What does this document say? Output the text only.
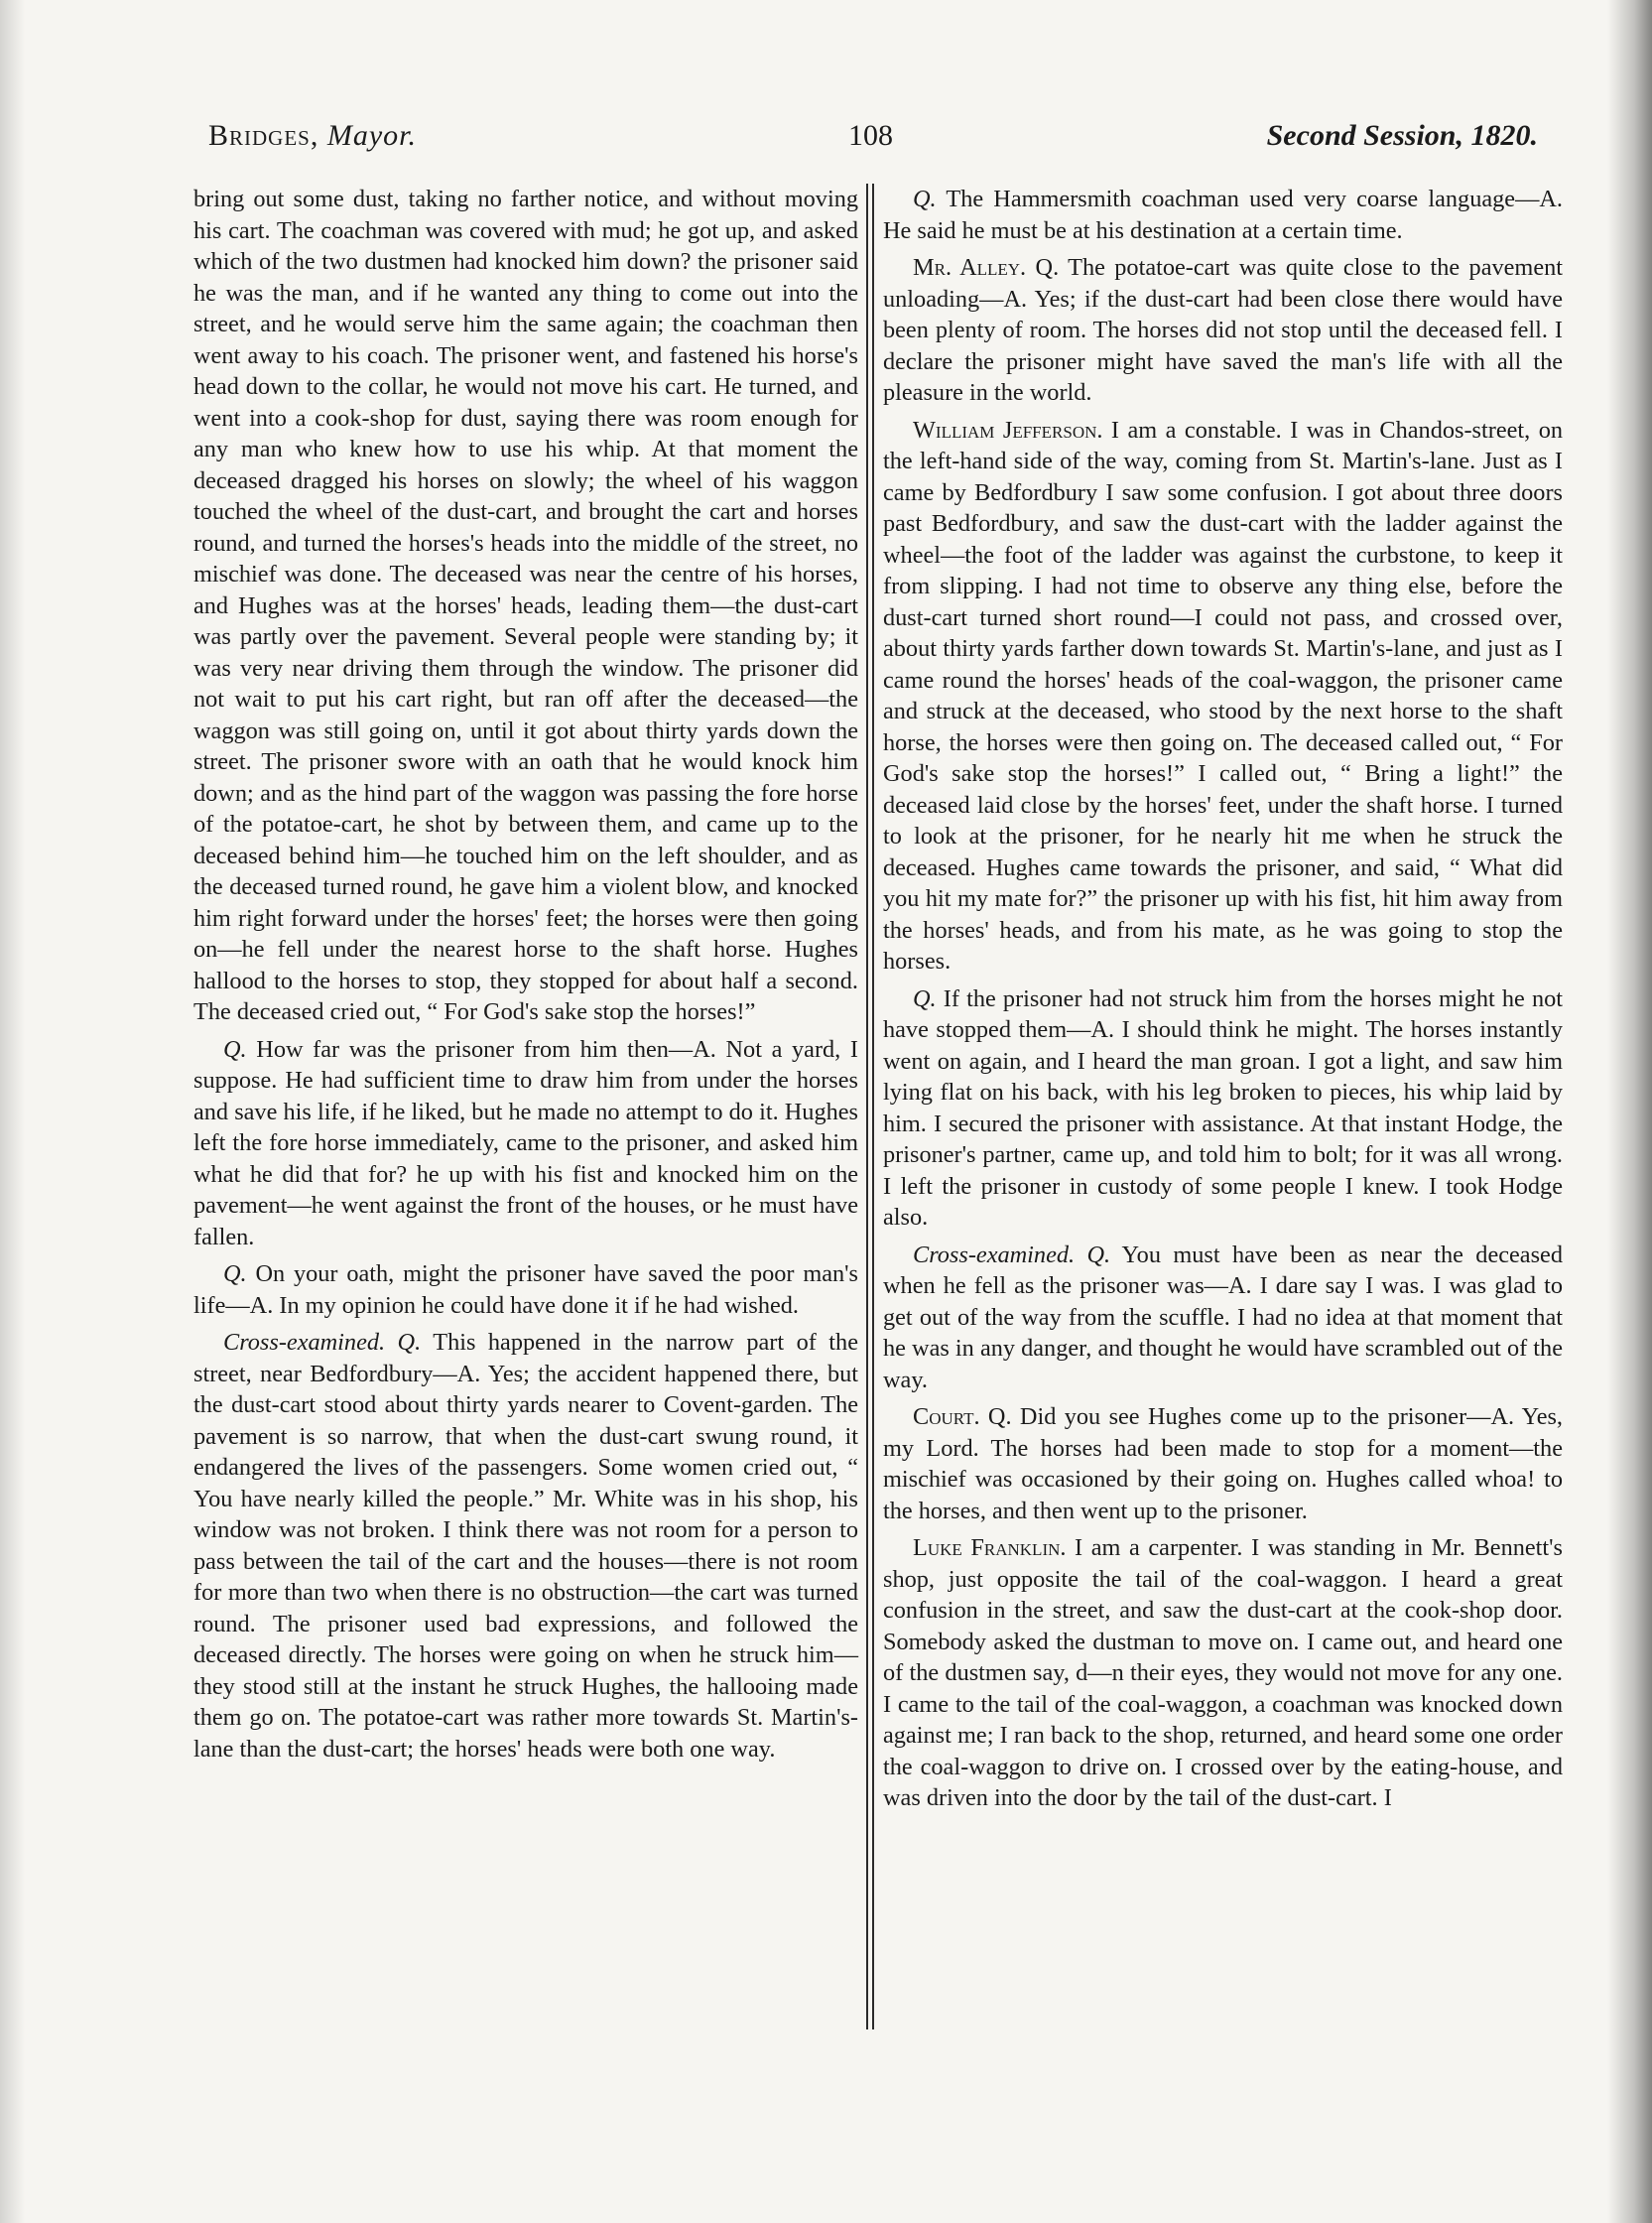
Bridges, Mayor.	108	Second Session, 1820.

bring out some dust, taking no farther notice, and without moving his cart. The coachman was covered with mud; he got up, and asked which of the two dustmen had knocked him down? the prisoner said he was the man, and if he wanted any thing to come out into the street, and he would serve him the same again; the coachman then went away to his coach. The prisoner went, and fastened his horse's head down to the collar, he would not move his cart. He turned, and went into a cook-shop for dust, saying there was room enough for any man who knew how to use his whip. At that moment the deceased dragged his horses on slowly; the wheel of his waggon touched the wheel of the dust-cart, and brought the cart and horses round, and turned the horses's heads into the middle of the street, no mischief was done. The deceased was near the centre of his horses, and Hughes was at the horses' heads, leading them—the dust-cart was partly over the pavement. Several people were standing by; it was very near driving them through the window. The prisoner did not wait to put his cart right, but ran off after the deceased—the waggon was still going on, until it got about thirty yards down the street. The prisoner swore with an oath that he would knock him down; and as the hind part of the waggon was passing the fore horse of the potatoe-cart, he shot by between them, and came up to the deceased behind him—he touched him on the left shoulder, and as the deceased turned round, he gave him a violent blow, and knocked him right forward under the horses' feet; the horses were then going on—he fell under the nearest horse to the shaft horse. Hughes hallood to the horses to stop, they stopped for about half a second. The deceased cried out, “ For God's sake stop the horses!”

Q. How far was the prisoner from him then—A. Not a yard, I suppose. He had sufficient time to draw him from under the horses and save his life, if he liked, but he made no attempt to do it. Hughes left the fore horse immediately, came to the prisoner, and asked him what he did that for? he up with his fist and knocked him on the pavement—he went against the front of the houses, or he must have fallen.

Q. On your oath, might the prisoner have saved the poor man's life—A. In my opinion he could have done it if he had wished.

Cross-examined. Q. This happened in the narrow part of the street, near Bedfordbury—A. Yes; the accident happened there, but the dust-cart stood about thirty yards nearer to Covent-garden. The pavement is so narrow, that when the dust-cart swung round, it endangered the lives of the passengers. Some women cried out, “ You have nearly killed the people.” Mr. White was in his shop, his window was not broken. I think there was not room for a person to pass between the tail of the cart and the houses—there is not room for more than two when there is no obstruction—the cart was turned round. The prisoner used bad expressions, and followed the deceased directly. The horses were going on when he struck him—they stood still at the instant he struck Hughes, the hallooing made them go on. The potatoe-cart was rather more towards St. Martin's-lane than the dust-cart; the horses' heads were both one way.

Q. The Hammersmith coachman used very coarse language—A. He said he must be at his destination at a certain time.

Mr. Alley. Q. The potatoe-cart was quite close to the pavement unloading—A. Yes; if the dust-cart had been close there would have been plenty of room. The horses did not stop until the deceased fell. I declare the prisoner might have saved the man's life with all the pleasure in the world.

William Jefferson. I am a constable. I was in Chandos-street, on the left-hand side of the way, coming from St. Martin's-lane. Just as I came by Bedfordbury I saw some confusion. I got about three doors past Bedfordbury, and saw the dust-cart with the ladder against the wheel—the foot of the ladder was against the curbstone, to keep it from slipping. I had not time to observe any thing else, before the dust-cart turned short round—I could not pass, and crossed over, about thirty yards farther down towards St. Martin's-lane, and just as I came round the horses' heads of the coal-waggon, the prisoner came and struck at the deceased, who stood by the next horse to the shaft horse, the horses were then going on. The deceased called out, “ For God's sake stop the horses!” I called out, “ Bring a light!” the deceased laid close by the horses' feet, under the shaft horse. I turned to look at the prisoner, for he nearly hit me when he struck the deceased. Hughes came towards the prisoner, and said, “ What did you hit my mate for?” the prisoner up with his fist, hit him away from the horses' heads, and from his mate, as he was going to stop the horses.

Q. If the prisoner had not struck him from the horses might he not have stopped them—A. I should think he might. The horses instantly went on again, and I heard the man groan. I got a light, and saw him lying flat on his back, with his leg broken to pieces, his whip laid by him. I secured the prisoner with assistance. At that instant Hodge, the prisoner's partner, came up, and told him to bolt; for it was all wrong. I left the prisoner in custody of some people I knew. I took Hodge also.

Cross-examined. Q. You must have been as near the deceased when he fell as the prisoner was—A. I dare say I was. I was glad to get out of the way from the scuffle. I had no idea at that moment that he was in any danger, and thought he would have scrambled out of the way.

Court. Q. Did you see Hughes come up to the prisoner—A. Yes, my Lord. The horses had been made to stop for a moment—the mischief was occasioned by their going on. Hughes called whoa! to the horses, and then went up to the prisoner.

Luke Franklin. I am a carpenter. I was standing in Mr. Bennett's shop, just opposite the tail of the coal-waggon. I heard a great confusion in the street, and saw the dust-cart at the cook-shop door. Somebody asked the dustman to move on. I came out, and heard one of the dustmen say, d—n their eyes, they would not move for any one. I came to the tail of the coal-waggon, a coachman was knocked down against me; I ran back to the shop, returned, and heard some one order the coal-waggon to drive on. I crossed over by the eating-house, and was driven into the door by the tail of the dust-cart. I
